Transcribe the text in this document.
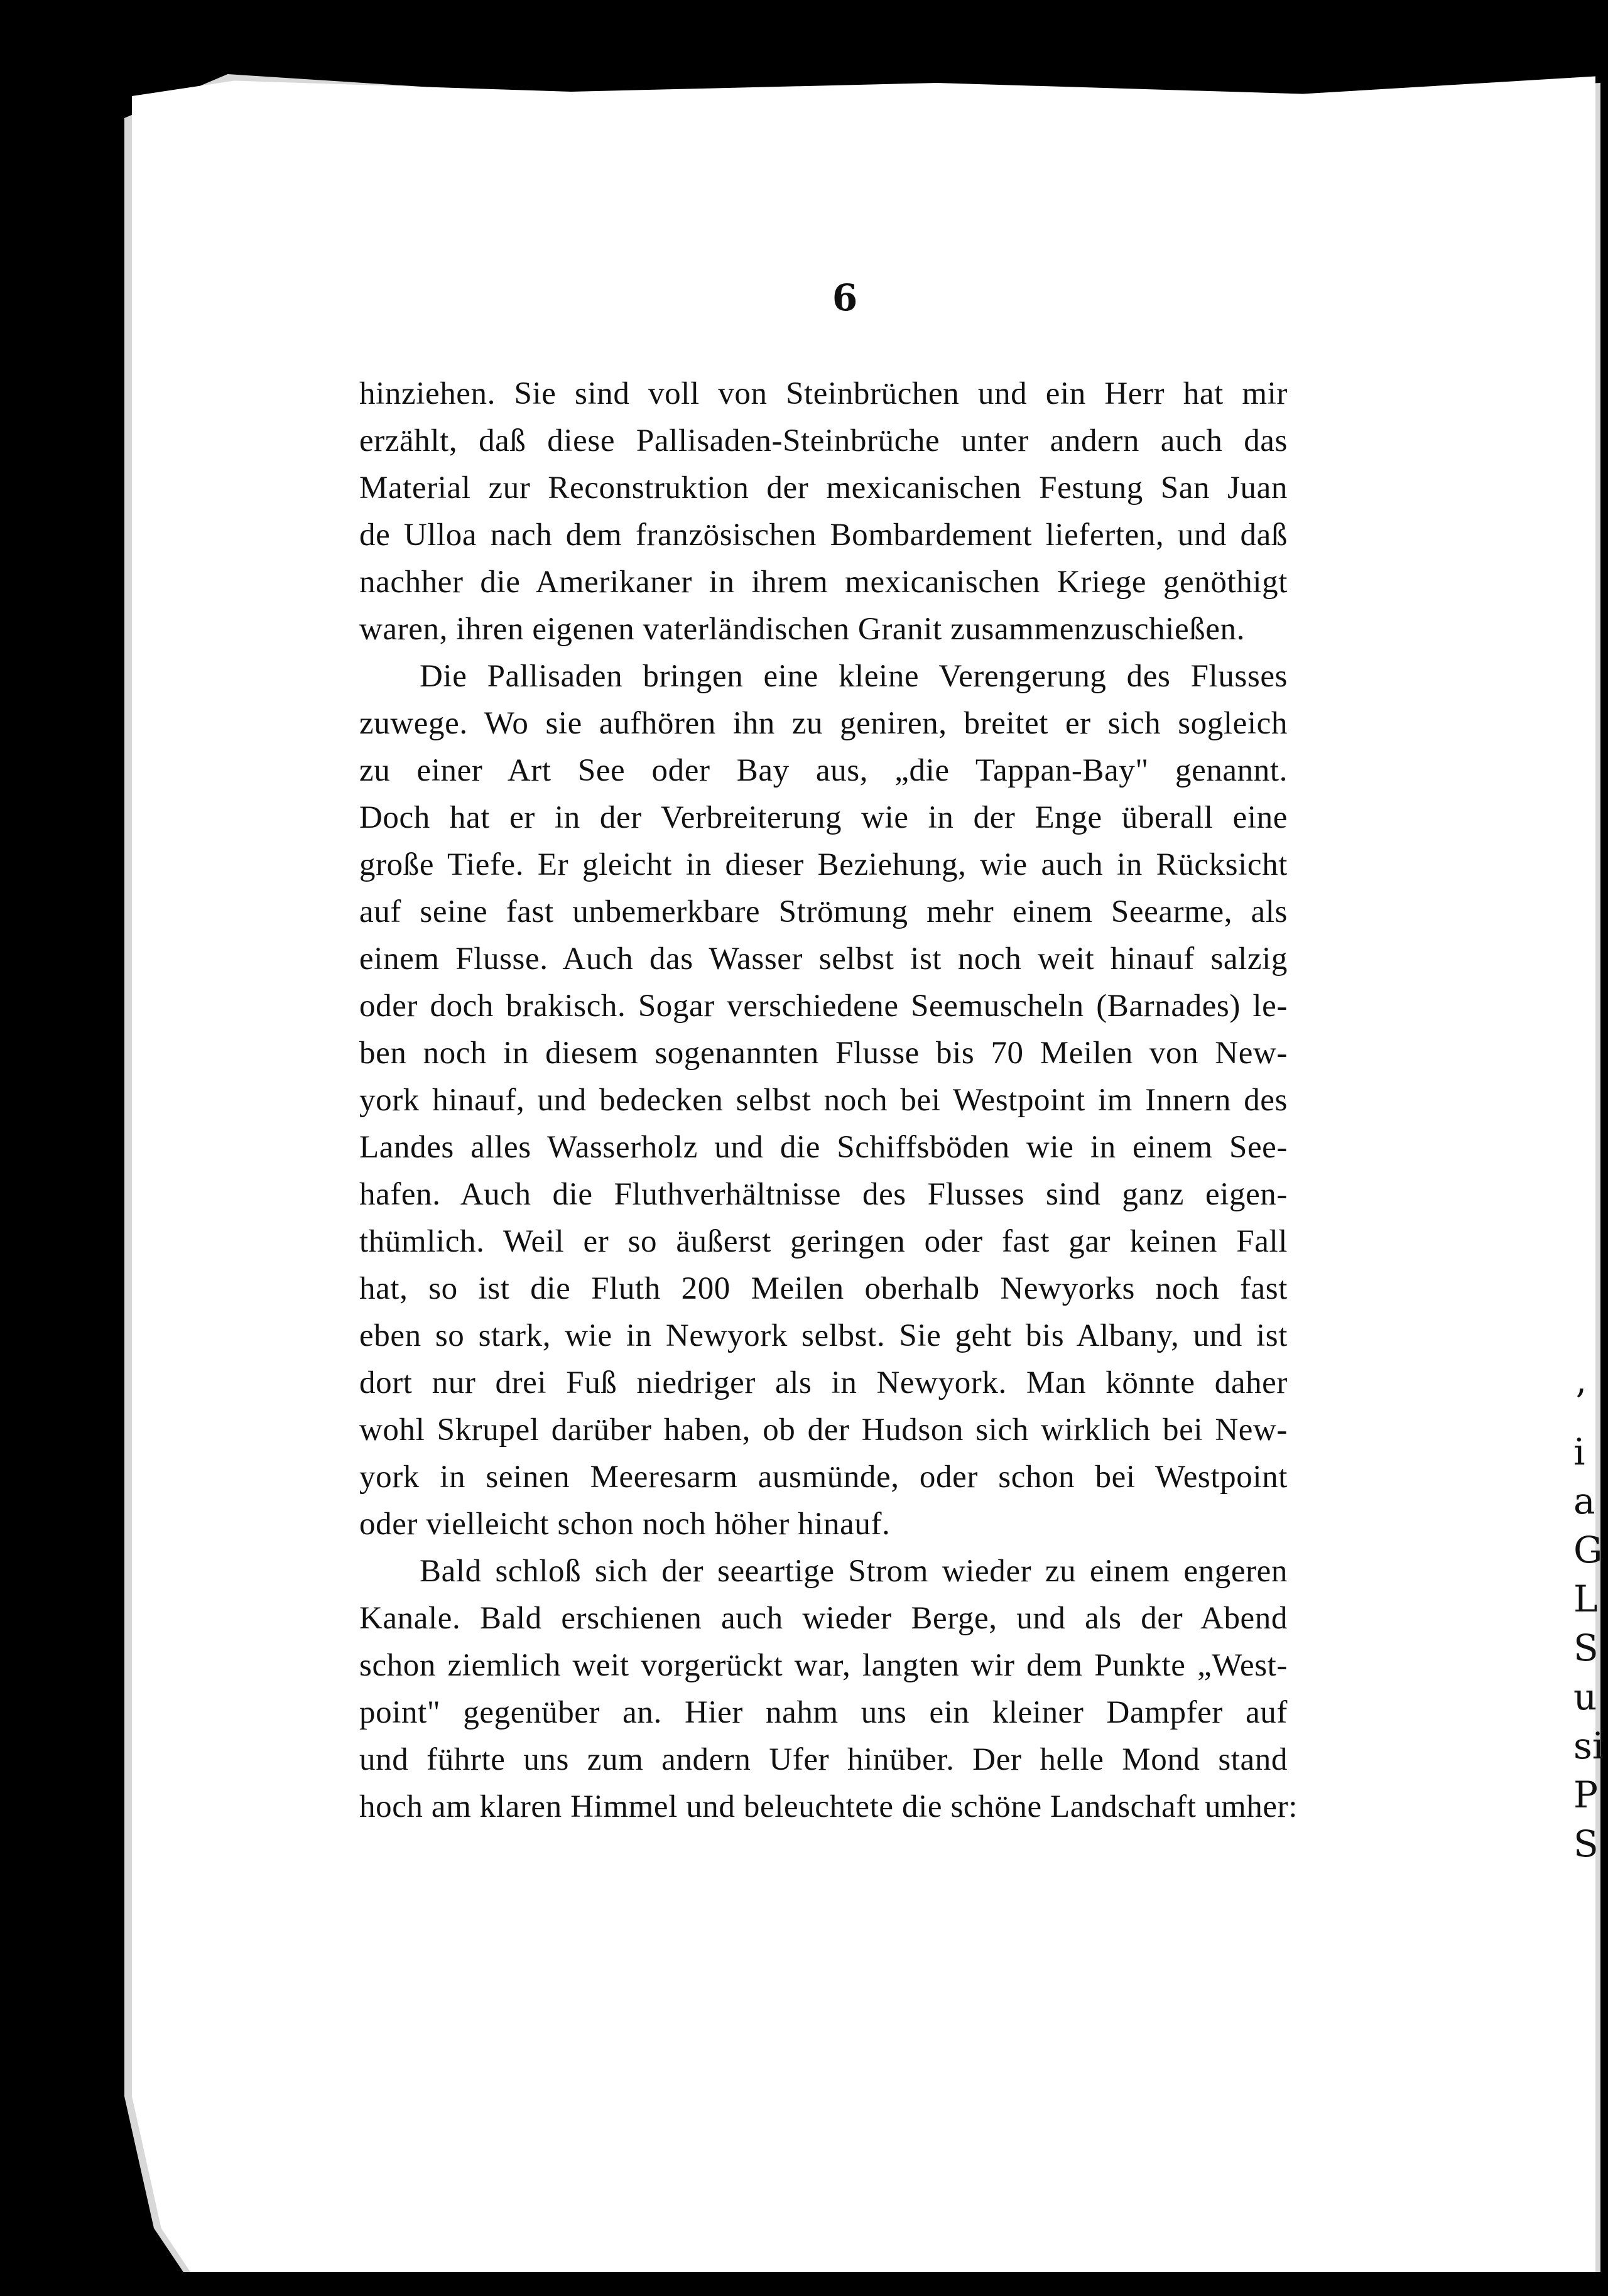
6
hinziehen. Sie sind voll von Steinbrüchen und ein Herr hat mir
erzählt, daß diese Pallisaden-Steinbrüche unter andern auch das
Material zur Reconstruktion der mexicanischen Festung San Juan
de Ulloa nach dem französischen Bombardement lieferten, und daß
nachher die Amerikaner in ihrem mexicanischen Kriege genöthigt
waren, ihren eigenen vaterländischen Granit zusammenzuschießen.
Die Pallisaden bringen eine kleine Verengerung des Flusses
zuwege. Wo sie aufhören ihn zu geniren, breitet er sich sogleich
zu einer Art See oder Bay aus, „die Tappan-Bay" genannt.
Doch hat er in der Verbreiterung wie in der Enge überall eine
große Tiefe. Er gleicht in dieser Beziehung, wie auch in Rücksicht
auf seine fast unbemerkbare Strömung mehr einem Seearme, als
einem Flusse. Auch das Wasser selbst ist noch weit hinauf salzig
oder doch brakisch. Sogar verschiedene Seemuscheln (Barnades) le-
ben noch in diesem sogenannten Flusse bis 70 Meilen von New-
york hinauf, und bedecken selbst noch bei Westpoint im Innern des
Landes alles Wasserholz und die Schiffsböden wie in einem See-
hafen. Auch die Fluthverhältnisse des Flusses sind ganz eigen-
thümlich. Weil er so äußerst geringen oder fast gar keinen Fall
hat, so ist die Fluth 200 Meilen oberhalb Newyorks noch fast
eben so stark, wie in Newyork selbst. Sie geht bis Albany, und ist
dort nur drei Fuß niedriger als in Newyork. Man könnte daher
wohl Skrupel darüber haben, ob der Hudson sich wirklich bei New-
york in seinen Meeresarm ausmünde, oder schon bei Westpoint
oder vielleicht schon noch höher hinauf.
Bald schloß sich der seeartige Strom wieder zu einem engeren
Kanale. Bald erschienen auch wieder Berge, und als der Abend
schon ziemlich weit vorgerückt war, langten wir dem Punkte „West-
point" gegenüber an. Hier nahm uns ein kleiner Dampfer auf
und führte uns zum andern Ufer hinüber. Der helle Mond stand
hoch am klaren Himmel und beleuchtete die schöne Landschaft umher:
ʼ
i
a
G
L
S
u
si
P
S
